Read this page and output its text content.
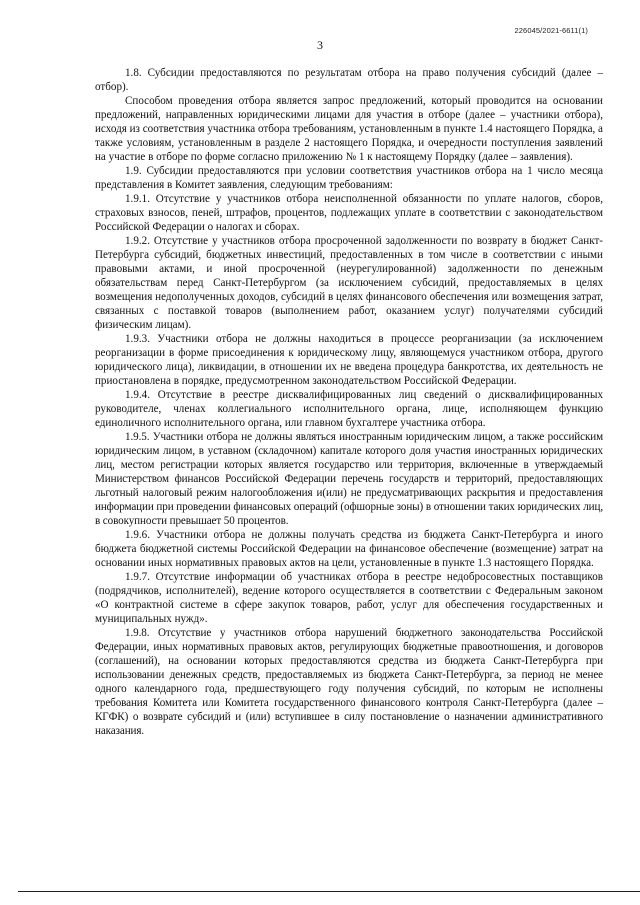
226045/2021-6611(1)
3

1.8. Субсидии предоставляются по результатам отбора на право получения субсидий (далее – отбор).

Способом проведения отбора является запрос предложений, который проводится на основании предложений, направленных юридическими лицами для участия в отборе (далее – участники отбора), исходя из соответствия участника отбора требованиям, установленным в пункте 1.4 настоящего Порядка, а также условиям, установленным в разделе 2 настоящего Порядка, и очередности поступления заявлений на участие в отборе по форме согласно приложению № 1 к настоящему Порядку (далее – заявления).

1.9. Субсидии предоставляются при условии соответствия участников отбора на 1 число месяца представления в Комитет заявления, следующим требованиям:

1.9.1. Отсутствие у участников отбора неисполненной обязанности по уплате налогов, сборов, страховых взносов, пеней, штрафов, процентов, подлежащих уплате в соответствии с законодательством Российской Федерации о налогах и сборах.

1.9.2. Отсутствие у участников отбора просроченной задолженности по возврату в бюджет Санкт-Петербурга субсидий, бюджетных инвестиций, предоставленных в том числе в соответствии с иными правовыми актами, и иной просроченной (неурегулированной) задолженности по денежным обязательствам перед Санкт-Петербургом (за исключением субсидий, предоставляемых в целях возмещения недополученных доходов, субсидий в целях финансового обеспечения или возмещения затрат, связанных с поставкой товаров (выполнением работ, оказанием услуг) получателями субсидий физическим лицам).

1.9.3. Участники отбора не должны находиться в процессе реорганизации (за исключением реорганизации в форме присоединения к юридическому лицу, являющемуся участником отбора, другого юридического лица), ликвидации, в отношении их не введена процедура банкротства, их деятельность не приостановлена в порядке, предусмотренном законодательством Российской Федерации.

1.9.4. Отсутствие в реестре дисквалифицированных лиц сведений о дисквалифицированных руководителе, членах коллегиального исполнительного органа, лице, исполняющем функцию единоличного исполнительного органа, или главном бухгалтере участника отбора.

1.9.5. Участники отбора не должны являться иностранным юридическим лицом, а также российским юридическим лицом, в уставном (складочном) капитале которого доля участия иностранных юридических лиц, местом регистрации которых является государство или территория, включенные в утверждаемый Министерством финансов Российской Федерации перечень государств и территорий, предоставляющих льготный налоговый режим налогообложения и(или) не предусматривающих раскрытия и предоставления информации при проведении финансовых операций (офшорные зоны) в отношении таких юридических лиц, в совокупности превышает 50 процентов.

1.9.6. Участники отбора не должны получать средства из бюджета Санкт-Петербурга и иного бюджета бюджетной системы Российской Федерации на финансовое обеспечение (возмещение) затрат на основании иных нормативных правовых актов на цели, установленные в пункте 1.3 настоящего Порядка.

1.9.7. Отсутствие информации об участниках отбора в реестре недобросовестных поставщиков (подрядчиков, исполнителей), ведение которого осуществляется в соответствии с Федеральным законом «О контрактной системе в сфере закупок товаров, работ, услуг для обеспечения государственных и муниципальных нужд».

1.9.8. Отсутствие у участников отбора нарушений бюджетного законодательства Российской Федерации, иных нормативных правовых актов, регулирующих бюджетные правоотношения, и договоров (соглашений), на основании которых предоставляются средства из бюджета Санкт-Петербурга при использовании денежных средств, предоставляемых из бюджета Санкт-Петербурга, за период не менее одного календарного года, предшествующего году получения субсидий, по которым не исполнены требования Комитета или Комитета государственного финансового контроля Санкт-Петербурга (далее – КГФК) о возврате субсидий и (или) вступившее в силу постановление о назначении административного наказания.
